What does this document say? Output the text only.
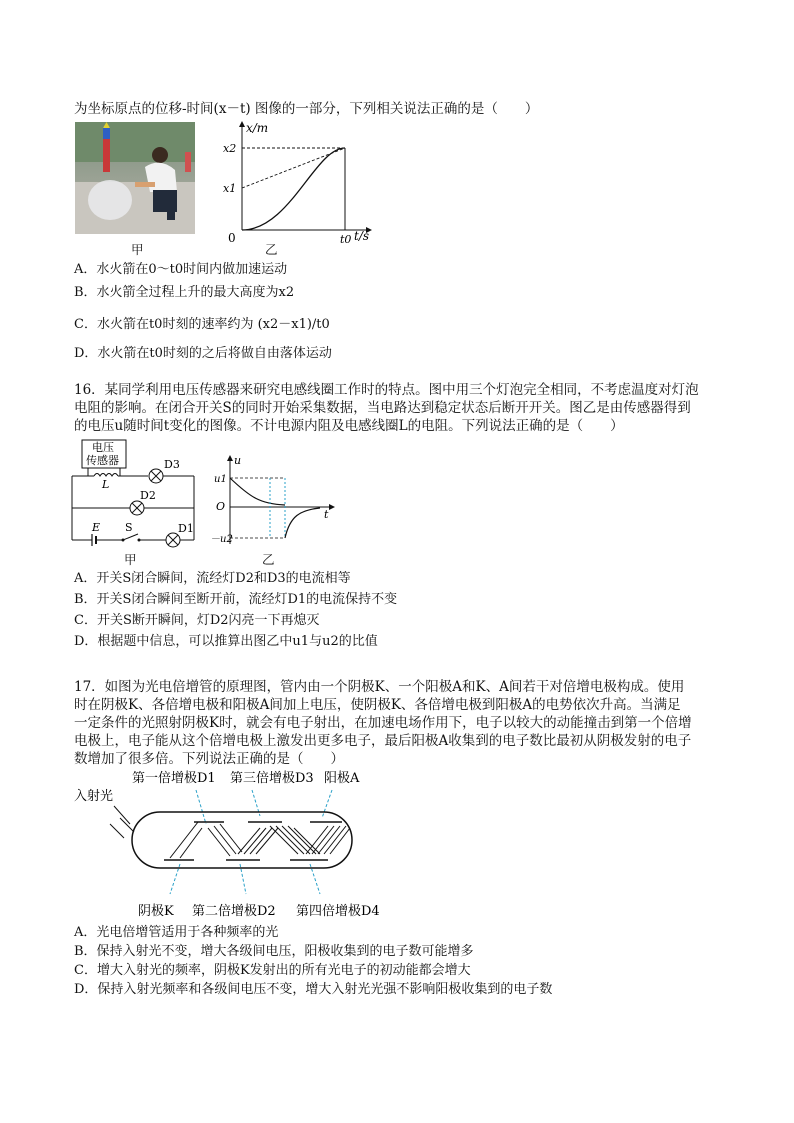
为坐标原点的位移-时间(x－t) 图像的一部分，下列相关说法正确的是（　　）
甲
x/m
x2
x1
0	t0 t/s
乙
A．水火箭在0～t0时间内做加速运动
B．水火箭全过程上升的最大高度为x2
C．水火箭在t0时刻的速率约为 (x2－x1)/t0
D．水火箭在t0时刻的之后将做自由落体运动
16．某同学利用电压传感器来研究电感线圈工作时的特点。图中用三个灯泡完全相同，不考虑温度对灯泡
电阻的影响。在闭合开关S的同时开始采集数据，当电路达到稳定状态后断开开关。图乙是由传感器得到
的电压u随时间t变化的图像。不计电源内阻及电感线圈L的电阻。下列说法正确的是（　　）
电压
传感器
L
D3
D2
E S	D1
甲
u
u1
O
－u2
t
乙
A．开关S闭合瞬间，流经灯D2和D3的电流相等
B．开关S闭合瞬间至断开前，流经灯D1的电流保持不变
C．开关S断开瞬间，灯D2闪亮一下再熄灭
D．根据题中信息，可以推算出图乙中u1与u2的比值
17．如图为光电倍增管的原理图，管内由一个阴极K、一个阳极A和K、A间若干对倍增电极构成。使用
时在阴极K、各倍增电极和阳极A间加上电压，使阴极K、各倍增电极到阳极A的电势依次升高。当满足
一定条件的光照射阴极K时，就会有电子射出，在加速电场作用下，电子以较大的动能撞击到第一个倍增
电极上，电子能从这个倍增电极上激发出更多电子，最后阳极A收集到的电子数比最初从阴极发射的电子
数增加了很多倍。下列说法正确的是（　　）
第一倍增极D1 第三倍增极D3 阳极A
入射光
阴极K 第二倍增极D2 第四倍增极D4
A．光电倍增管适用于各种频率的光
B．保持入射光不变，增大各级间电压，阳极收集到的电子数可能增多
C．增大入射光的频率，阴极K发射出的所有光电子的初动能都会增大
D．保持入射光频率和各级间电压不变，增大入射光光强不影响阳极收集到的电子数
